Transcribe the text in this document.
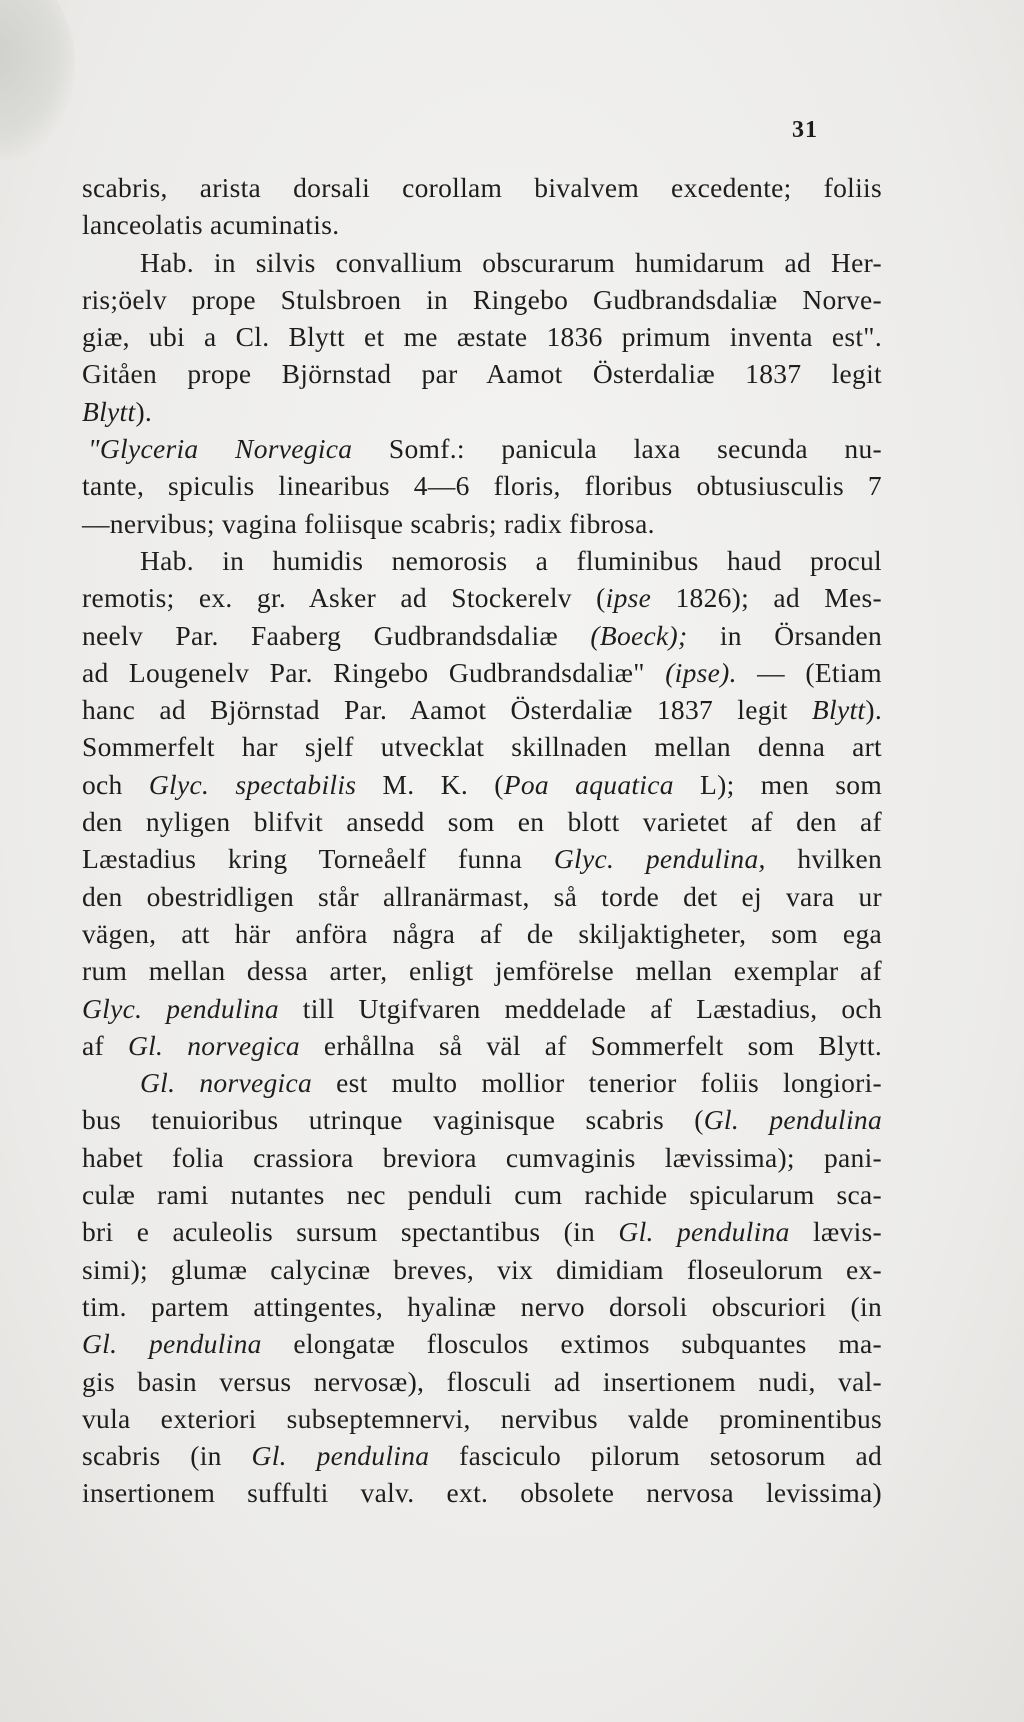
31
scabris, arista dorsali corollam bivalvem excedente; foliis
lanceolatis acuminatis.
Hab. in silvis convallium obscurarum humidarum ad Her-
ris;öelv prope Stulsbroen in Ringebo Gudbrandsdaliæ Norve-
giæ, ubi a Cl. Blytt et me æstate 1836 primum inventa est".
Gitåen prope Björnstad par Aamot Österdaliæ 1837 legit
Blytt).
"Glyceria Norvegica Somf.: panicula laxa secunda nu-
tante, spiculis linearibus 4—6 floris, floribus obtusiusculis 7
—nervibus; vagina foliisque scabris; radix fibrosa.
Hab. in humidis nemorosis a fluminibus haud procul
remotis; ex. gr. Asker ad Stockerelv (ipse 1826); ad Mes-
neelv Par. Faaberg Gudbrandsdaliæ (Boeck); in Örsanden
ad Lougenelv Par. Ringebo Gudbrandsdaliæ" (ipse). — (Etiam
hanc ad Björnstad Par. Aamot Österdaliæ 1837 legit Blytt).
Sommerfelt har sjelf utvecklat skillnaden mellan denna art
och Glyc. spectabilis M. K. (Poa aquatica L); men som
den nyligen blifvit ansedd som en blott varietet af den af
Læstadius kring Torneåelf funna Glyc. pendulina, hvilken
den obestridligen står allranärmast, så torde det ej vara ur
vägen, att här anföra några af de skiljaktigheter, som ega
rum mellan dessa arter, enligt jemförelse mellan exemplar af
Glyc. pendulina till Utgifvaren meddelade af Læstadius, och
af Gl. norvegica erhållna så väl af Sommerfelt som Blytt.
Gl. norvegica est multo mollior tenerior foliis longiori-
bus tenuioribus utrinque vaginisque scabris (Gl. pendulina
habet folia crassiora breviora cumvaginis lævissima); pani-
culæ rami nutantes nec penduli cum rachide spicularum sca-
bri e aculeolis sursum spectantibus (in Gl. pendulina lævis-
simi); glumæ calycinæ breves, vix dimidiam floseulorum ex-
tim. partem attingentes, hyalinæ nervo dorsoli obscuriori (in
Gl. pendulina elongatæ flosculos extimos subquantes ma-
gis basin versus nervosæ), flosculi ad insertionem nudi, val-
vula exteriori subseptemnervi, nervibus valde prominentibus
scabris (in Gl. pendulina fasciculo pilorum setosorum ad
insertionem suffulti valv. ext. obsolete nervosa levissima)
